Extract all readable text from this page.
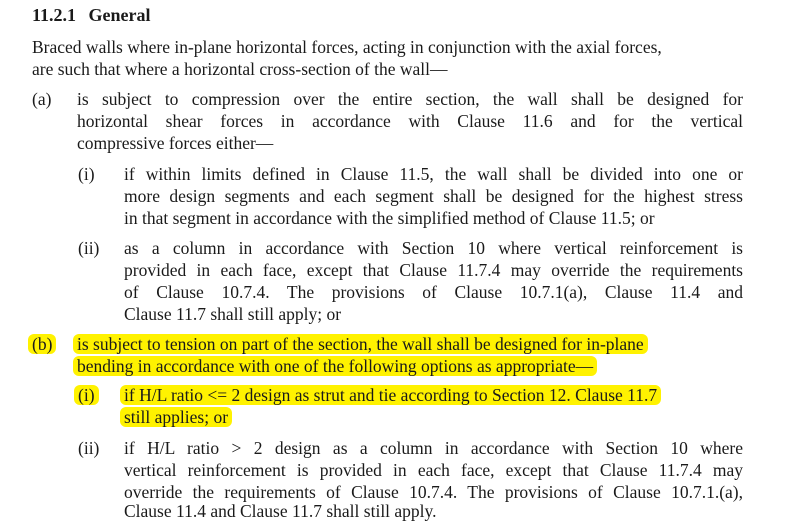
11.2.1 General
Braced walls where in-plane horizontal forces, acting in conjunction with the axial forces,
are such that where a horizontal cross-section of the wall—
(a) is subject to compression over the entire section, the wall shall be designed for
horizontal shear forces in accordance with Clause 11.6 and for the vertical
compressive forces either—
(i) if within limits defined in Clause 11.5, the wall shall be divided into one or
more design segments and each segment shall be designed for the highest stress
in that segment in accordance with the simplified method of Clause 11.5; or
(ii) as a column in accordance with Section 10 where vertical reinforcement is
provided in each face, except that Clause 11.7.4 may override the requirements
of Clause 10.7.4. The provisions of Clause 10.7.1(a), Clause 11.4 and
Clause 11.7 shall still apply; or
(b) is subject to tension on part of the section, the wall shall be designed for in-plane
bending in accordance with one of the following options as appropriate—
(i) if H/L ratio <= 2 design as strut and tie according to Section 12. Clause 11.7
still applies; or
(ii) if H/L ratio > 2 design as a column in accordance with Section 10 where
vertical reinforcement is provided in each face, except that Clause 11.7.4 may
override the requirements of Clause 10.7.4. The provisions of Clause 10.7.1.(a),
Clause 11.4 and Clause 11.7 shall still apply.
